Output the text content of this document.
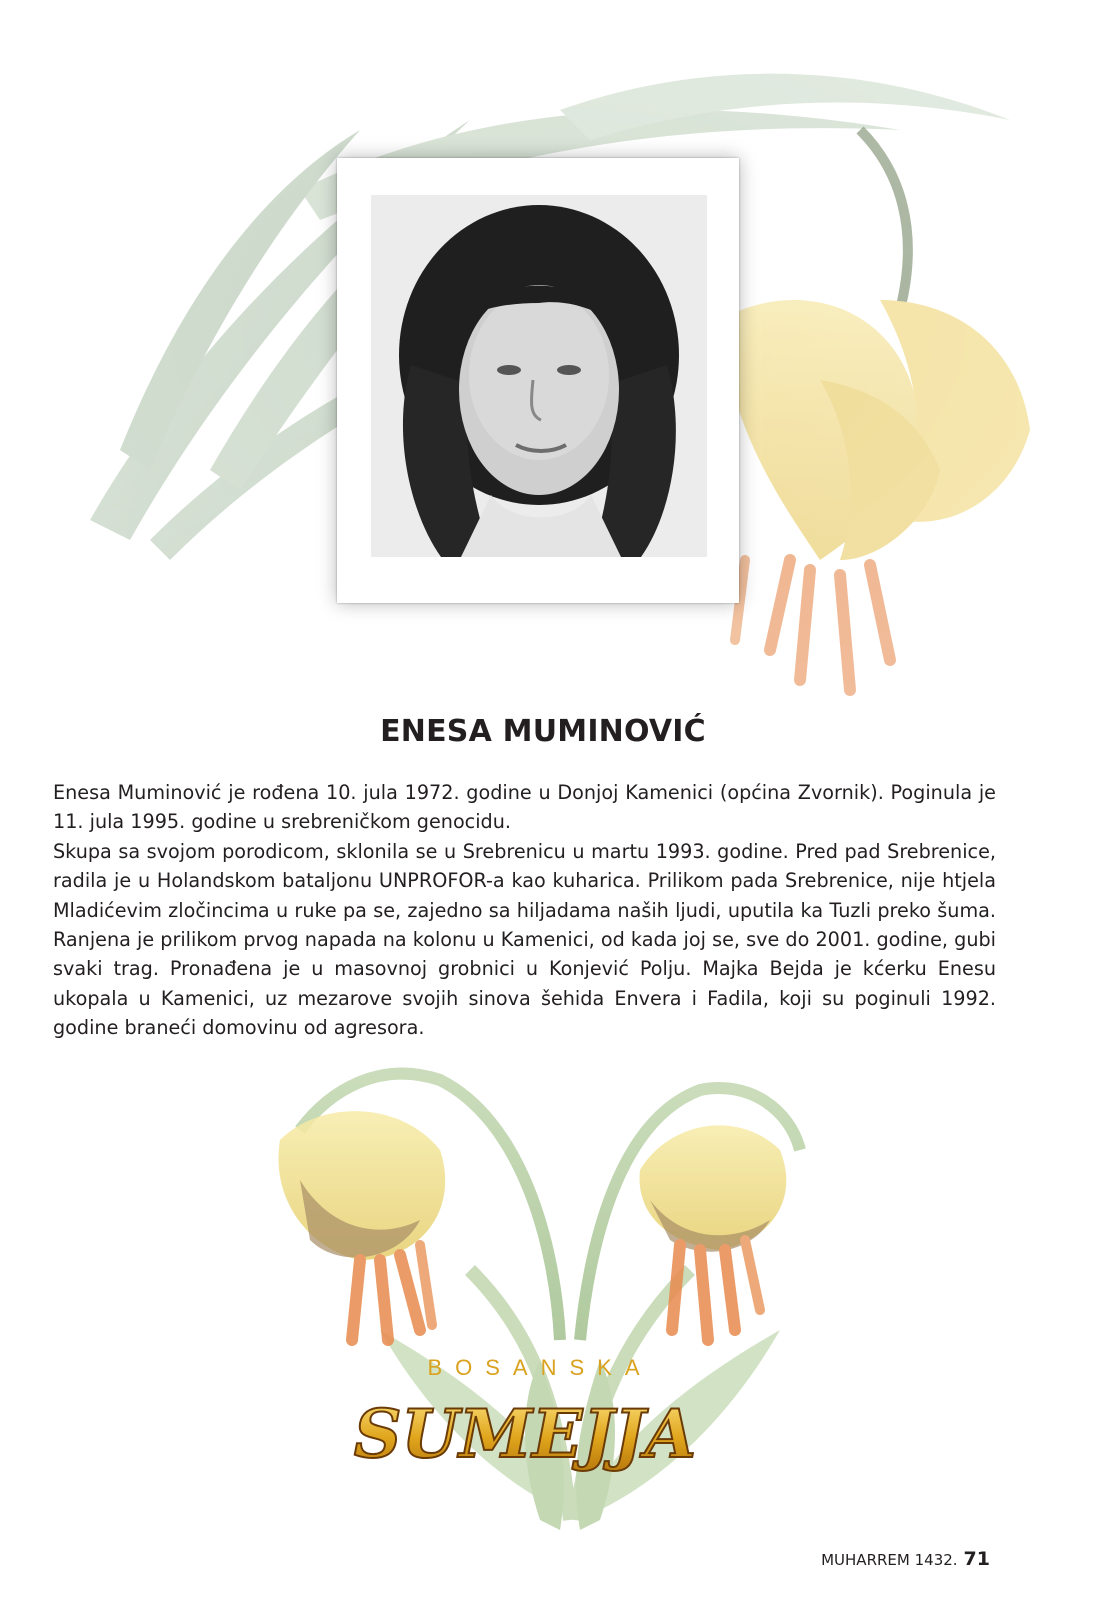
ENESA MUMINOVIĆ

Enesa Muminović je rođena 10. jula 1972. godine u Donjoj Kamenici (općina Zvornik). Poginula je 11. jula 1995. godine u srebreničkom genocidu.

Skupa sa svojom porodicom, sklonila se u Srebrenicu u martu 1993. godine. Pred pad Srebrenice, radila je u Holandskom bataljonu UNPROFOR-a kao kuharica. Prilikom pada Srebrenice, nije htjela Mladićevim zločincima u ruke pa se, zajedno sa hiljadama naših ljudi, uputila ka Tuzli preko šuma. Ranjena je prilikom prvog napada na kolonu u Kamenici, od kada joj se, sve do 2001. godine, gubi svaki trag. Pronađena je u masovnoj grobnici u Konjević Polju. Majka Bejda je kćerku Enesu ukopala u Kamenici, uz mezarove svojih sinova šehida Envera i Fadila, koji su poginuli 1992. godine braneći domovinu od agresora.

BOSANSKA
SUMEJJA
MUHARREM 1432. 71
